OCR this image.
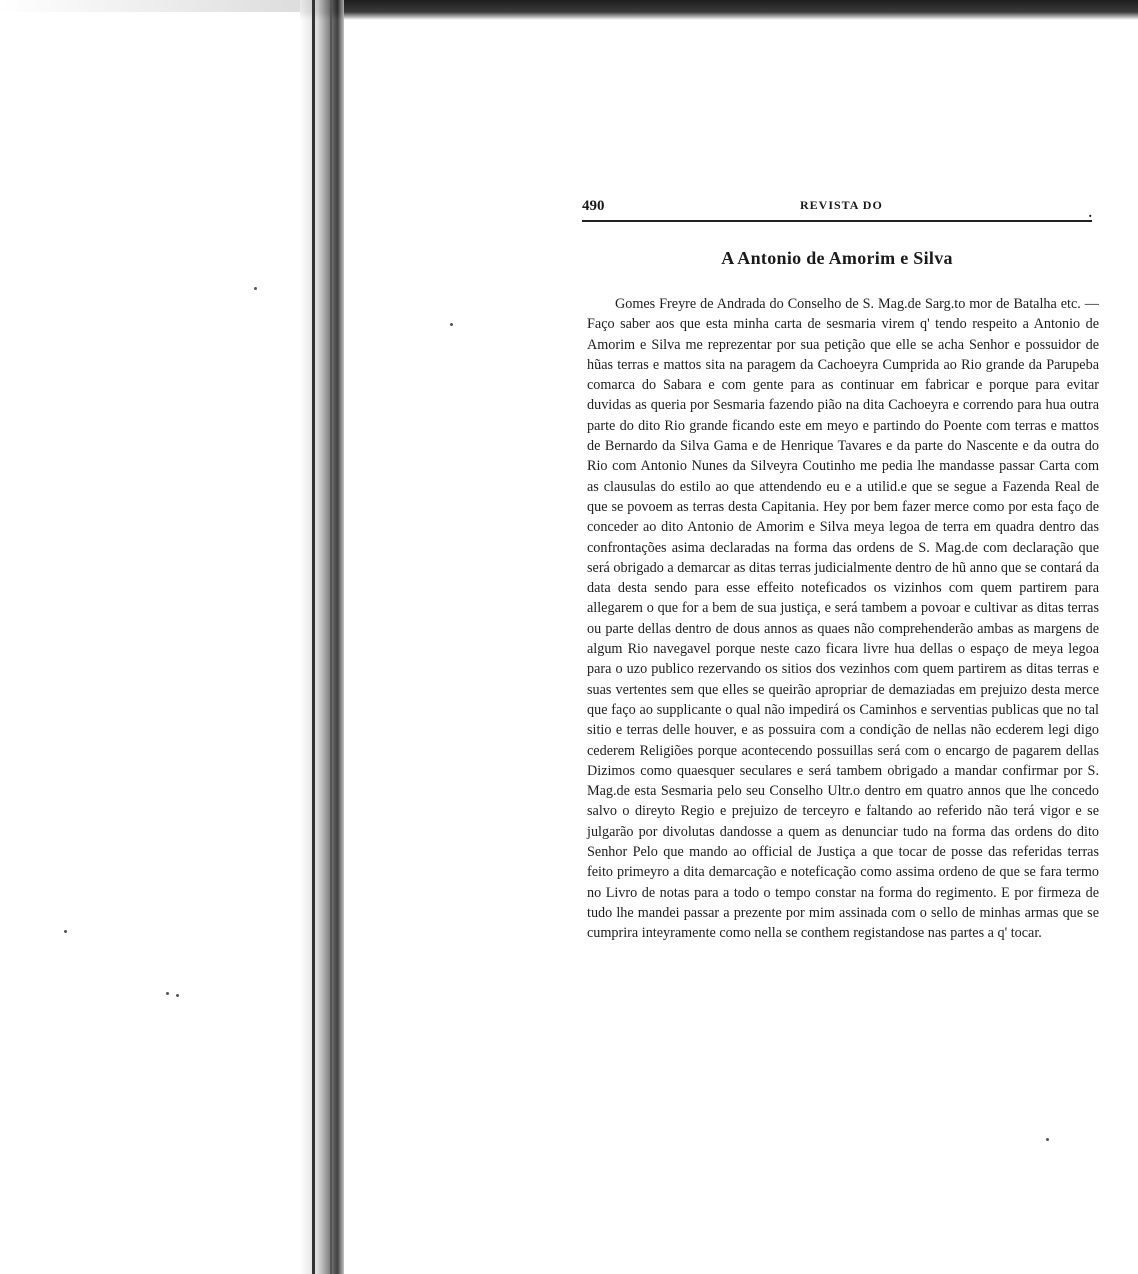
490	REVISTA DO
.
A Antonio de Amorim e Silva

Gomes Freyre de Andrada do Conselho de S. Mag.de Sarg.to mor de Batalha etc. — Faço saber aos que esta minha carta de sesmaria virem q' tendo respeito a Antonio de Amorim e Silva me reprezentar por sua petição que elle se acha Senhor e possuidor de hũas terras e mattos sita na paragem da Cachoeyra Cumprida ao Rio grande da Parupeba comarca do Sabara e com gente para as continuar em fabricar e porque para evitar duvidas as queria por Sesmaria fazendo pião na dita Cachoeyra e correndo para hua outra parte do dito Rio grande ficando este em meyo e partindo do Poente com terras e mattos de Bernardo da Silva Gama e de Henrique Tavares e da parte do Nascente e da outra do Rio com Antonio Nunes da Silveyra Coutinho me pedia lhe mandasse passar Carta com as clausulas do estilo ao que attendendo eu e a utilid.e que se segue a Fazenda Real de que se povoem as terras desta Capitania. Hey por bem fazer merce como por esta faço de conceder ao dito Antonio de Amorim e Silva meya legoa de terra em quadra dentro das confrontações asima declaradas na forma das ordens de S. Mag.de com declaração que será obrigado a demarcar as ditas terras judicialmente dentro de hũ anno que se contará da data desta sendo para esse effeito noteficados os vizinhos com quem partirem para allegarem o que for a bem de sua justiça, e será tambem a povoar e cultivar as ditas terras ou parte dellas dentro de dous annos as quaes não comprehenderão ambas as margens de algum Rio navegavel porque neste cazo ficara livre hua dellas o espaço de meya legoa para o uzo publico rezervando os sitios dos vezinhos com quem partirem as ditas terras e suas vertentes sem que elles se queirão apropriar de demaziadas em prejuizo desta merce que faço ao supplicante o qual não impedirá os Caminhos e serventias publicas que no tal sitio e terras delle houver, e as possuira com a condição de nellas não ecderem legi digo cederem Religiões porque acontecendo possuillas será com o encargo de pagarem dellas Dizimos como quaesquer seculares e será tambem obrigado a mandar confirmar por S. Mag.de esta Sesmaria pelo seu Conselho Ultr.o dentro em quatro annos que lhe concedo salvo o direyto Regio e prejuizo de terceyro e faltando ao referido não terá vigor e se julgarão por divolutas dandosse a quem as denunciar tudo na forma das ordens do dito Senhor Pelo que mando ao official de Justiça a que tocar de posse das referidas terras feito primeyro a dita demarcação e noteficação como assima ordeno de que se fara termo no Livro de notas para a todo o tempo constar na forma do regimento. E por firmeza de tudo lhe mandei passar a prezente por mim assinada com o sello de minhas armas que se cumprira inteyramente como nella se conthem registandose nas partes a q' tocar.
